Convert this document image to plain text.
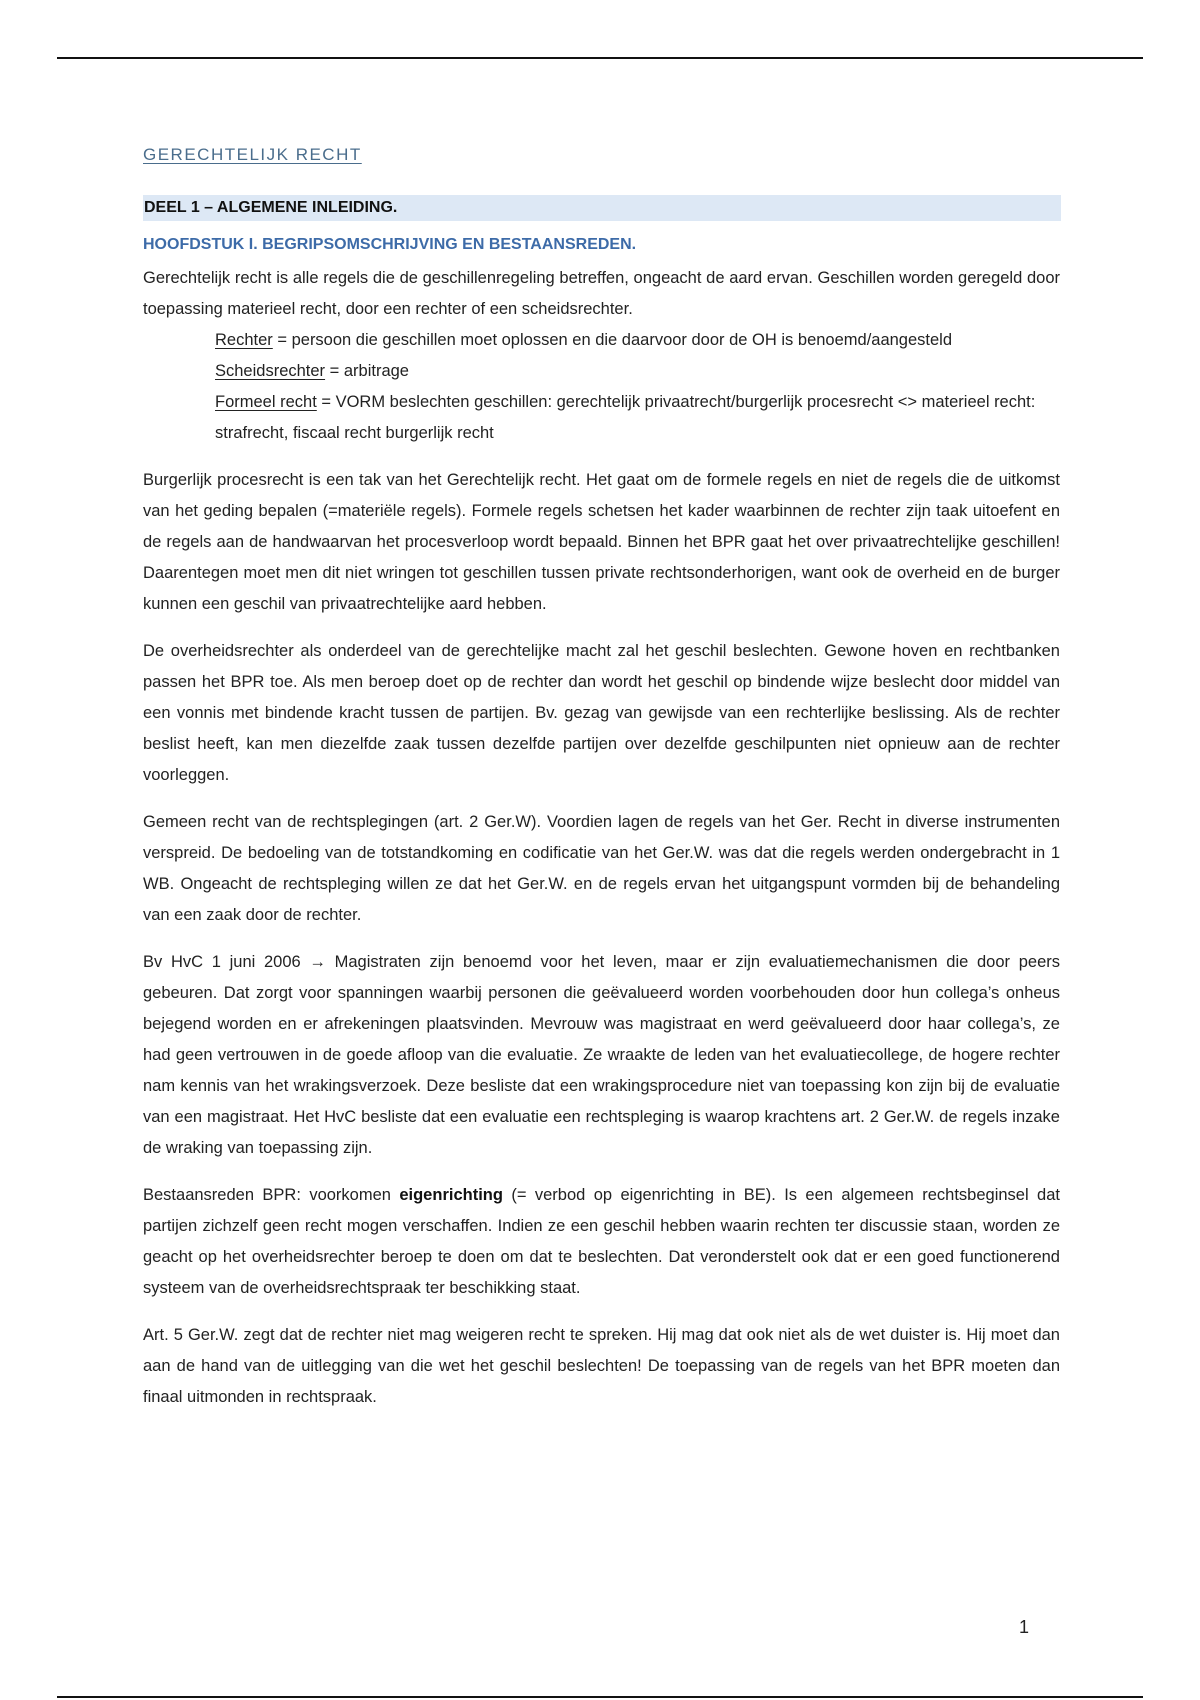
GERECHTELIJK RECHT
DEEL 1 – ALGEMENE INLEIDING.
HOOFDSTUK I. BEGRIPSOMSCHRIJVING EN BESTAANSREDEN.

Gerechtelijk recht is alle regels die de geschillenregeling betreffen, ongeacht de aard ervan. Geschillen worden geregeld door toepassing materieel recht, door een rechter of een scheidsrechter.

Rechter = persoon die geschillen moet oplossen en die daarvoor door de OH is benoemd/aangesteld
Scheidsrechter = arbitrage
Formeel recht = VORM beslechten geschillen: gerechtelijk privaatrecht/burgerlijk procesrecht <> materieel recht: strafrecht, fiscaal recht burgerlijk recht

Burgerlijk procesrecht is een tak van het Gerechtelijk recht. Het gaat om de formele regels en niet de regels die de uitkomst van het geding bepalen (=materiële regels). Formele regels schetsen het kader waarbinnen de rechter zijn taak uitoefent en de regels aan de handwaarvan het procesverloop wordt bepaald. Binnen het BPR gaat het over privaatrechtelijke geschillen! Daarentegen moet men dit niet wringen tot geschillen tussen private rechtsonderhorigen, want ook de overheid en de burger kunnen een geschil van privaatrechtelijke aard hebben.

De overheidsrechter als onderdeel van de gerechtelijke macht zal het geschil beslechten. Gewone hoven en rechtbanken passen het BPR toe. Als men beroep doet op de rechter dan wordt het geschil op bindende wijze beslecht door middel van een vonnis met bindende kracht tussen de partijen. Bv. gezag van gewijsde van een rechterlijke beslissing. Als de rechter beslist heeft, kan men diezelfde zaak tussen dezelfde partijen over dezelfde geschilpunten niet opnieuw aan de rechter voorleggen.

Gemeen recht van de rechtsplegingen (art. 2 Ger.W). Voordien lagen de regels van het Ger. Recht in diverse instrumenten verspreid. De bedoeling van de totstandkoming en codificatie van het Ger.W. was dat die regels werden ondergebracht in 1 WB. Ongeacht de rechtspleging willen ze dat het Ger.W. en de regels ervan het uitgangspunt vormden bij de behandeling van een zaak door de rechter.

Bv HvC 1 juni 2006 → Magistraten zijn benoemd voor het leven, maar er zijn evaluatiemechanismen die door peers gebeuren. Dat zorgt voor spanningen waarbij personen die geëvalueerd worden voorbehouden door hun collega’s onheus bejegend worden en er afrekeningen plaatsvinden. Mevrouw was magistraat en werd geëvalueerd door haar collega’s, ze had geen vertrouwen in de goede afloop van die evaluatie. Ze wraakte de leden van het evaluatiecollege, de hogere rechter nam kennis van het wrakingsverzoek. Deze besliste dat een wrakingsprocedure niet van toepassing kon zijn bij de evaluatie van een magistraat. Het HvC besliste dat een evaluatie een rechtspleging is waarop krachtens art. 2 Ger.W. de regels inzake de wraking van toepassing zijn.

Bestaansreden BPR: voorkomen eigenrichting (= verbod op eigenrichting in BE). Is een algemeen rechtsbeginsel dat partijen zichzelf geen recht mogen verschaffen. Indien ze een geschil hebben waarin rechten ter discussie staan, worden ze geacht op het overheidsrechter beroep te doen om dat te beslechten. Dat veronderstelt ook dat er een goed functionerend systeem van de overheidsrechtspraak ter beschikking staat.

Art. 5 Ger.W. zegt dat de rechter niet mag weigeren recht te spreken. Hij mag dat ook niet als de wet duister is. Hij moet dan aan de hand van de uitlegging van die wet het geschil beslechten! De toepassing van de regels van het BPR moeten dan finaal uitmonden in rechtspraak.

1
